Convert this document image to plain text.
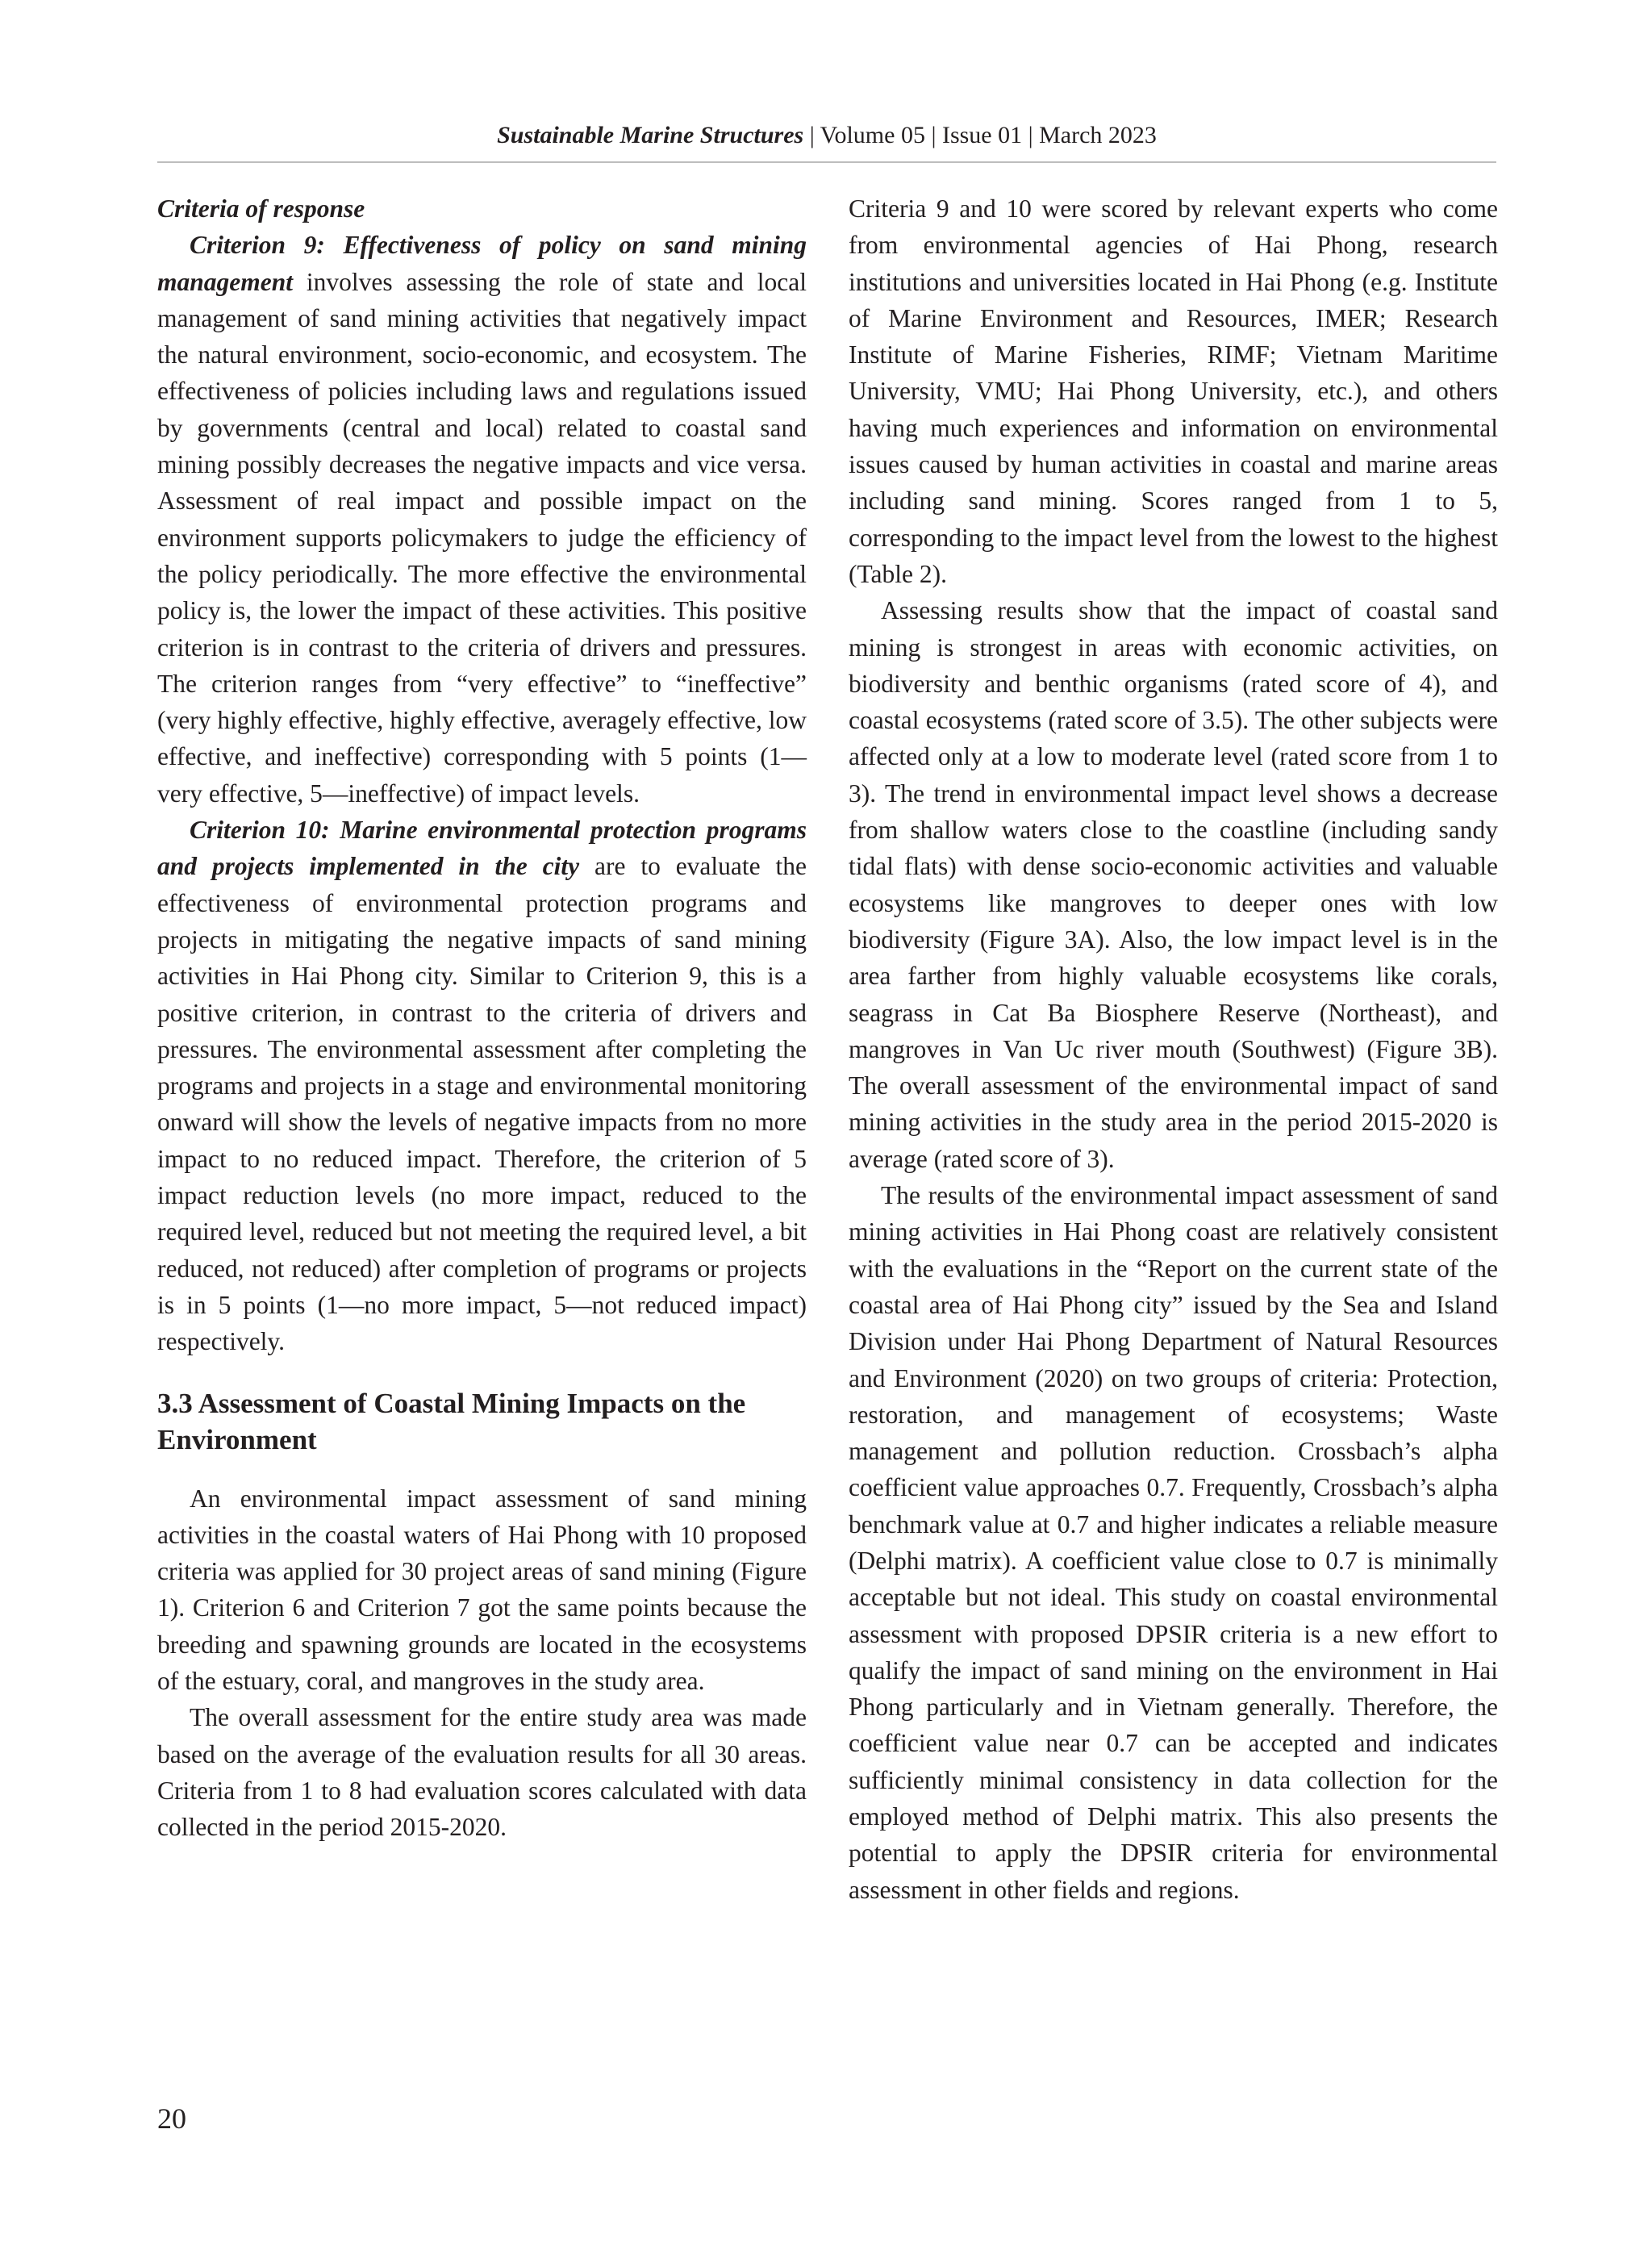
Sustainable Marine Structures | Volume 05 | Issue 01 | March 2023

Criteria of response

Criterion 9: Effectiveness of policy on sand mining management involves assessing the role of state and local management of sand mining activities that negatively impact the natural environment, socio-economic, and ecosystem. The effectiveness of policies including laws and regulations issued by governments (central and local) related to coastal sand mining possibly decreases the negative impacts and vice versa. Assessment of real impact and possible impact on the environment supports policymakers to judge the efficiency of the policy periodically. The more effective the environmental policy is, the lower the impact of these activities. This positive criterion is in contrast to the criteria of drivers and pressures. The criterion ranges from “very effective” to “ineffective” (very highly effective, highly effective, averagely effective, low effective, and ineffective) corresponding with 5 points (1—very effective, 5—ineffective) of impact levels.

Criterion 10: Marine environmental protection programs and projects implemented in the city are to evaluate the effectiveness of environmental protection programs and projects in mitigating the negative impacts of sand mining activities in Hai Phong city. Similar to Criterion 9, this is a positive criterion, in contrast to the criteria of drivers and pressures. The environmental assessment after completing the programs and projects in a stage and environmental monitoring onward will show the levels of negative impacts from no more impact to no reduced impact. Therefore, the criterion of 5 impact reduction levels (no more impact, reduced to the required level, reduced but not meeting the required level, a bit reduced, not reduced) after completion of programs or projects is in 5 points (1—no more impact, 5—not reduced impact) respectively.

3.3 Assessment of Coastal Mining Impacts on the Environment

An environmental impact assessment of sand mining activities in the coastal waters of Hai Phong with 10 proposed criteria was applied for 30 project areas of sand mining (Figure 1). Criterion 6 and Criterion 7 got the same points because the breeding and spawning grounds are located in the ecosystems of the estuary, coral, and mangroves in the study area.

The overall assessment for the entire study area was made based on the average of the evaluation results for all 30 areas. Criteria from 1 to 8 had evaluation scores calculated with data collected in the period 2015-2020.

Criteria 9 and 10 were scored by relevant experts who come from environmental agencies of Hai Phong, research institutions and universities located in Hai Phong (e.g. Institute of Marine Environment and Resources, IMER; Research Institute of Marine Fisheries, RIMF; Vietnam Maritime University, VMU; Hai Phong University, etc.), and others having much experiences and information on environmental issues caused by human activities in coastal and marine areas including sand mining. Scores ranged from 1 to 5, corresponding to the impact level from the lowest to the highest (Table 2).

Assessing results show that the impact of coastal sand mining is strongest in areas with economic activities, on biodiversity and benthic organisms (rated score of 4), and coastal ecosystems (rated score of 3.5). The other subjects were affected only at a low to moderate level (rated score from 1 to 3). The trend in environmental impact level shows a decrease from shallow waters close to the coastline (including sandy tidal flats) with dense socio-economic activities and valuable ecosystems like mangroves to deeper ones with low biodiversity (Figure 3A). Also, the low impact level is in the area farther from highly valuable ecosystems like corals, seagrass in Cat Ba Biosphere Reserve (Northeast), and mangroves in Van Uc river mouth (Southwest) (Figure 3B). The overall assessment of the environmental impact of sand mining activities in the study area in the period 2015-2020 is average (rated score of 3).

The results of the environmental impact assessment of sand mining activities in Hai Phong coast are relatively consistent with the evaluations in the “Report on the current state of the coastal area of Hai Phong city” issued by the Sea and Island Division under Hai Phong Department of Natural Resources and Environment (2020) on two groups of criteria: Protection, restoration, and management of ecosystems; Waste management and pollution reduction. Crossbach’s alpha coefficient value approaches 0.7. Frequently, Crossbach’s alpha benchmark value at 0.7 and higher indicates a reliable measure (Delphi matrix). A coefficient value close to 0.7 is minimally acceptable but not ideal. This study on coastal environmental assessment with proposed DPSIR criteria is a new effort to qualify the impact of sand mining on the environment in Hai Phong particularly and in Vietnam generally. Therefore, the coefficient value near 0.7 can be accepted and indicates sufficiently minimal consistency in data collection for the employed method of Delphi matrix. This also presents the potential to apply the DPSIR criteria for environmental assessment in other fields and regions.

20
